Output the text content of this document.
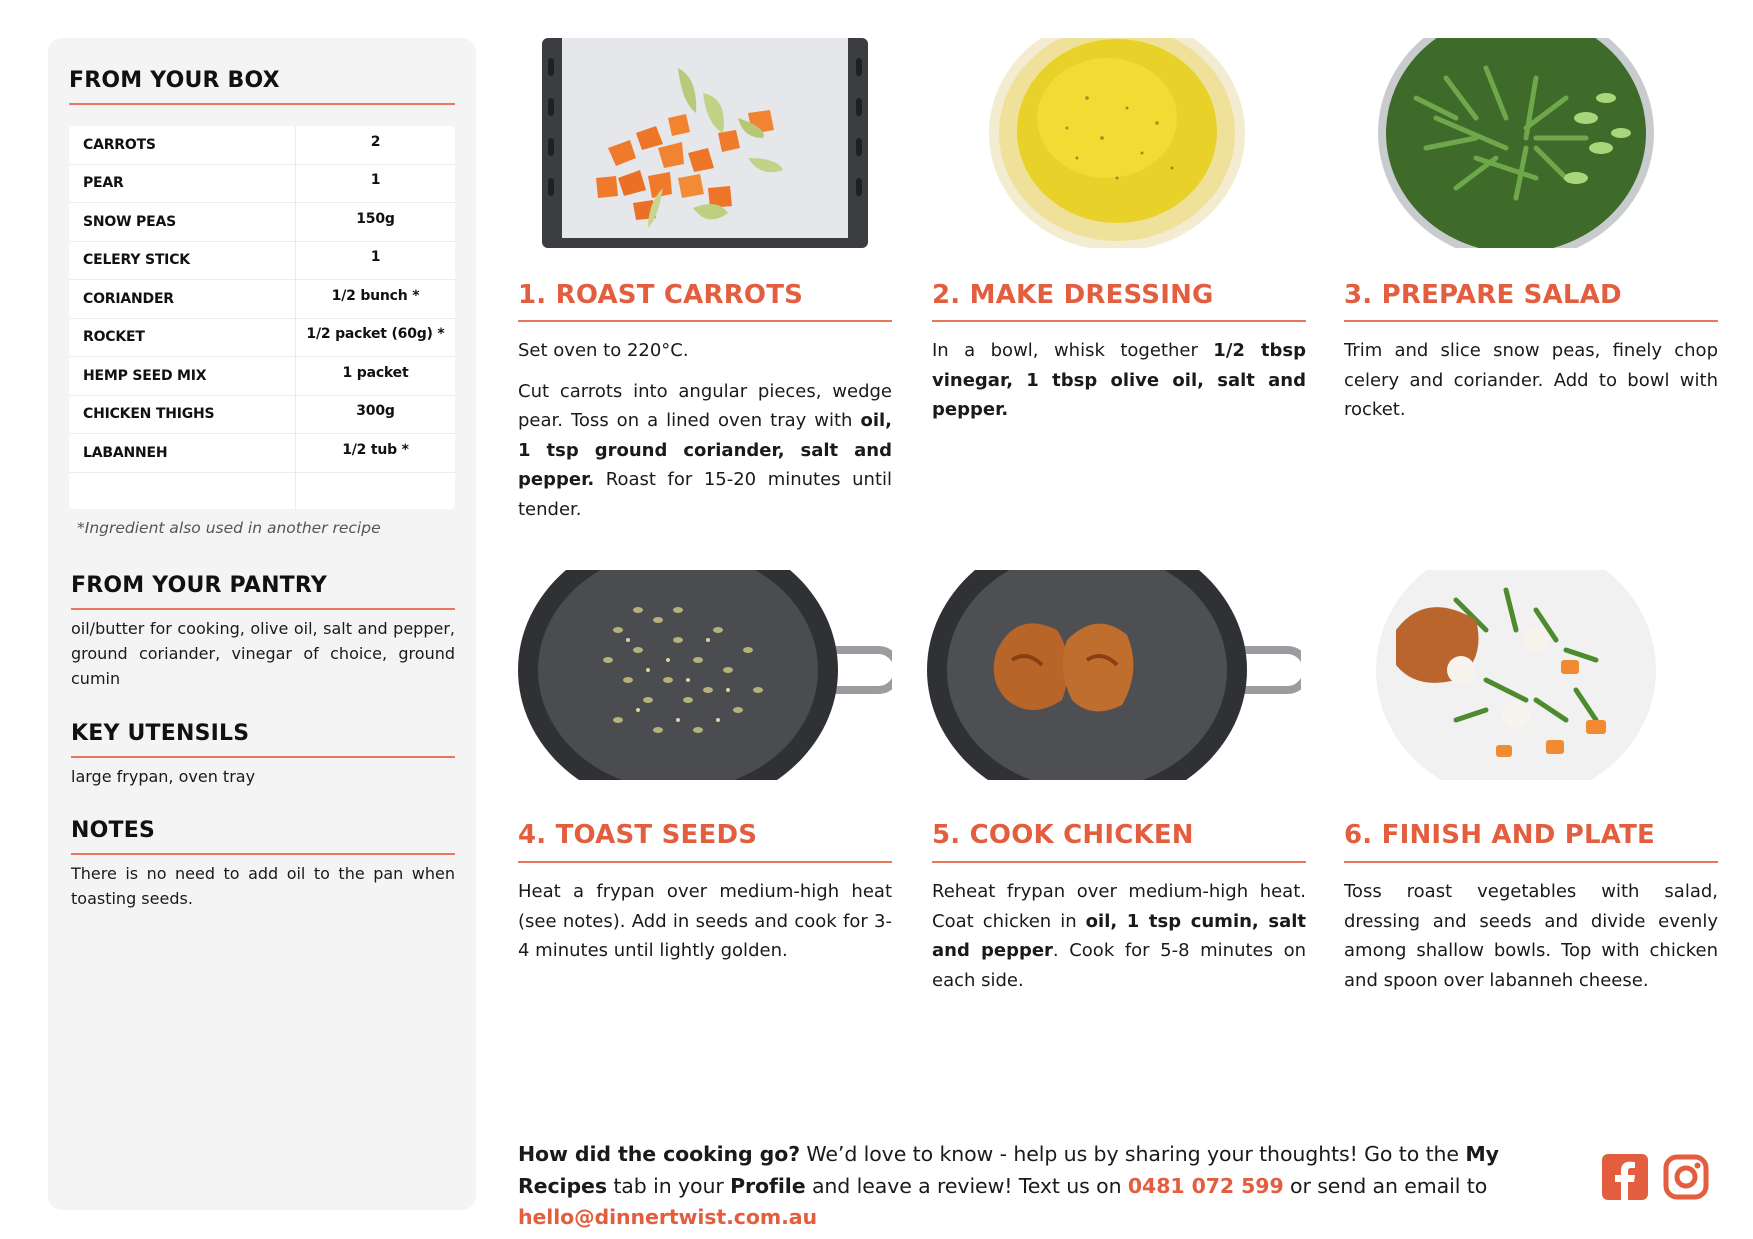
FROM YOUR BOX
CARROTS	2
PEAR	1
SNOW PEAS	150g
CELERY STICK	1
CORIANDER	1/2 bunch *
ROCKET	1/2 packet (60g) *
HEMP SEED MIX	1 packet
CHICKEN THIGHS	300g
LABANNEH	1/2 tub *
*Ingredient also used in another recipe
FROM YOUR PANTRY
oil/butter for cooking, olive oil, salt and pepper, ground coriander, vinegar of choice, ground cumin
KEY UTENSILS
large frypan, oven tray
NOTES
There is no need to add oil to the pan when toasting seeds.
1. ROAST CARROTS

Set oven to 220°C.

Cut carrots into angular pieces, wedge pear. Toss on a lined oven tray with oil, 1 tsp ground coriander, salt and pepper. Roast for 15-20 minutes until tender.

2. MAKE DRESSING

In a bowl, whisk together 1/2 tbsp vinegar, 1 tbsp olive oil, salt and pepper.

3. PREPARE SALAD

Trim and slice snow peas, finely chop celery and coriander. Add to bowl with rocket.

4. TOAST SEEDS

Heat a frypan over medium-high heat (see notes). Add in seeds and cook for 3-4 minutes until lightly golden.

5. COOK CHICKEN

Reheat frypan over medium-high heat. Coat chicken in oil, 1 tsp cumin, salt and pepper. Cook for 5-8 minutes on each side.

6. FINISH AND PLATE

Toss roast vegetables with salad, dressing and seeds and divide evenly among shallow bowls. Top with chicken and spoon over labanneh cheese.

How did the cooking go? We’d love to know - help us by sharing your thoughts! Go to the My Recipes tab in your Profile and leave a review! Text us on 0481 072 599 or send an email to hello@dinnertwist.com.au
